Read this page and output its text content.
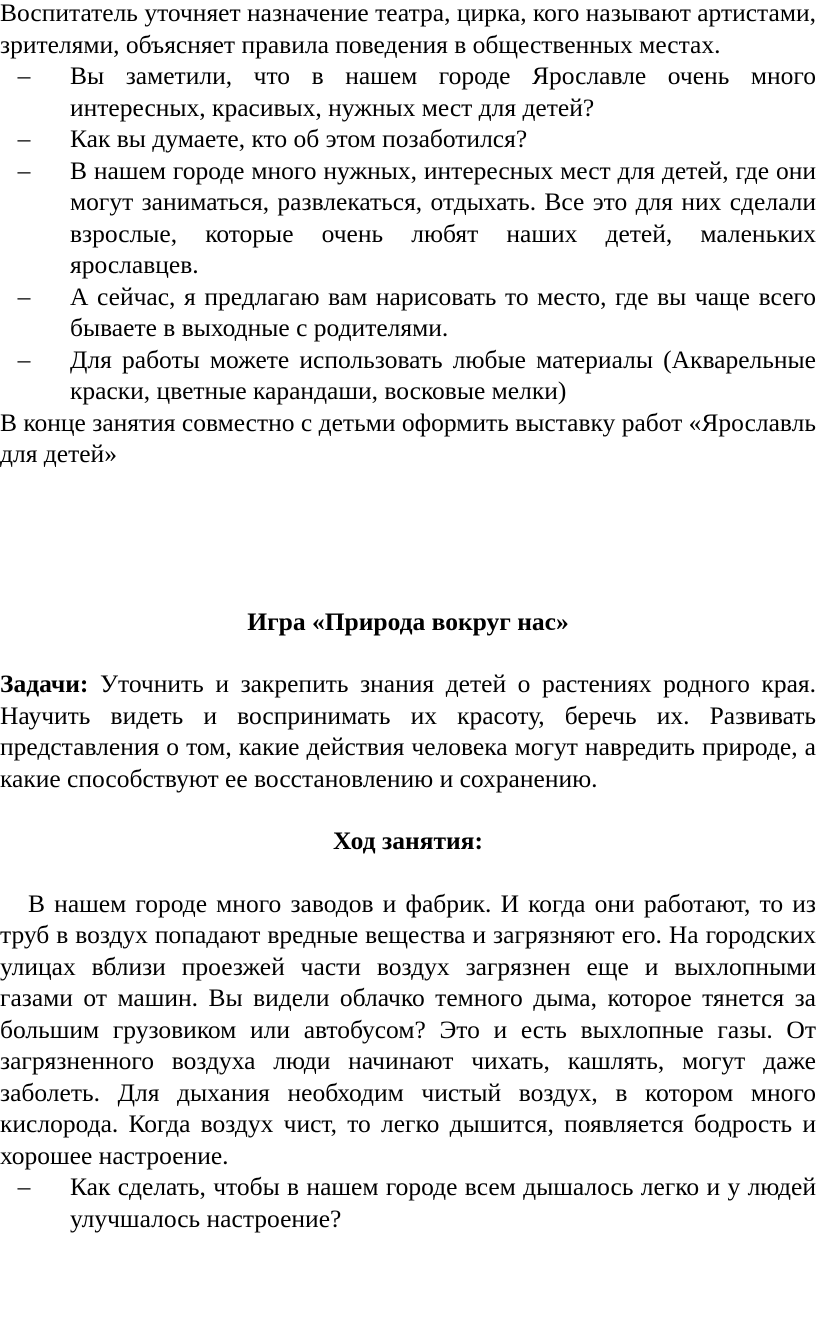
Воспитатель уточняет назначение театра, цирка, кого называют артистами, зрителями, объясняет правила поведения в общественных местах.

–	Вы заметили, что в нашем городе Ярославле очень много интересных, красивых, нужных мест для детей?
–	Как вы думаете, кто об этом позаботился?
–	В нашем городе много нужных, интересных мест для детей, где они могут заниматься, развлекаться, отдыхать. Все это для них сделали взрослые, которые очень любят наших детей, маленьких ярославцев.
–	А сейчас, я предлагаю вам нарисовать то место, где вы чаще всего бываете в выходные с родителями.
–	Для работы можете использовать любые материалы (Акварельные краски, цветные карандаши, восковые мелки)

В конце занятия совместно с детьми оформить выставку работ «Ярославль для детей»

Игра «Природа вокруг нас»

Задачи: Уточнить и закрепить знания детей о растениях родного края. Научить видеть и воспринимать их красоту, беречь их. Развивать представления о том, какие действия человека могут навредить природе, а какие способствуют ее восстановлению и сохранению.

Ход занятия:

В нашем городе много заводов и фабрик. И когда они работают, то из труб в воздух попадают вредные вещества и загрязняют его. На городских улицах вблизи проезжей части воздух загрязнен еще и выхлопными газами от машин. Вы видели облачко темного дыма, которое тянется за большим грузовиком или автобусом? Это и есть выхлопные газы. От загрязненного воздуха люди начинают чихать, кашлять, могут даже заболеть. Для дыхания необходим чистый воздух, в котором много кислорода. Когда воздух чист, то легко дышится, появляется бодрость и хорошее настроение.

–	Как сделать, чтобы в нашем городе всем дышалось легко и у людей улучшалось настроение?
